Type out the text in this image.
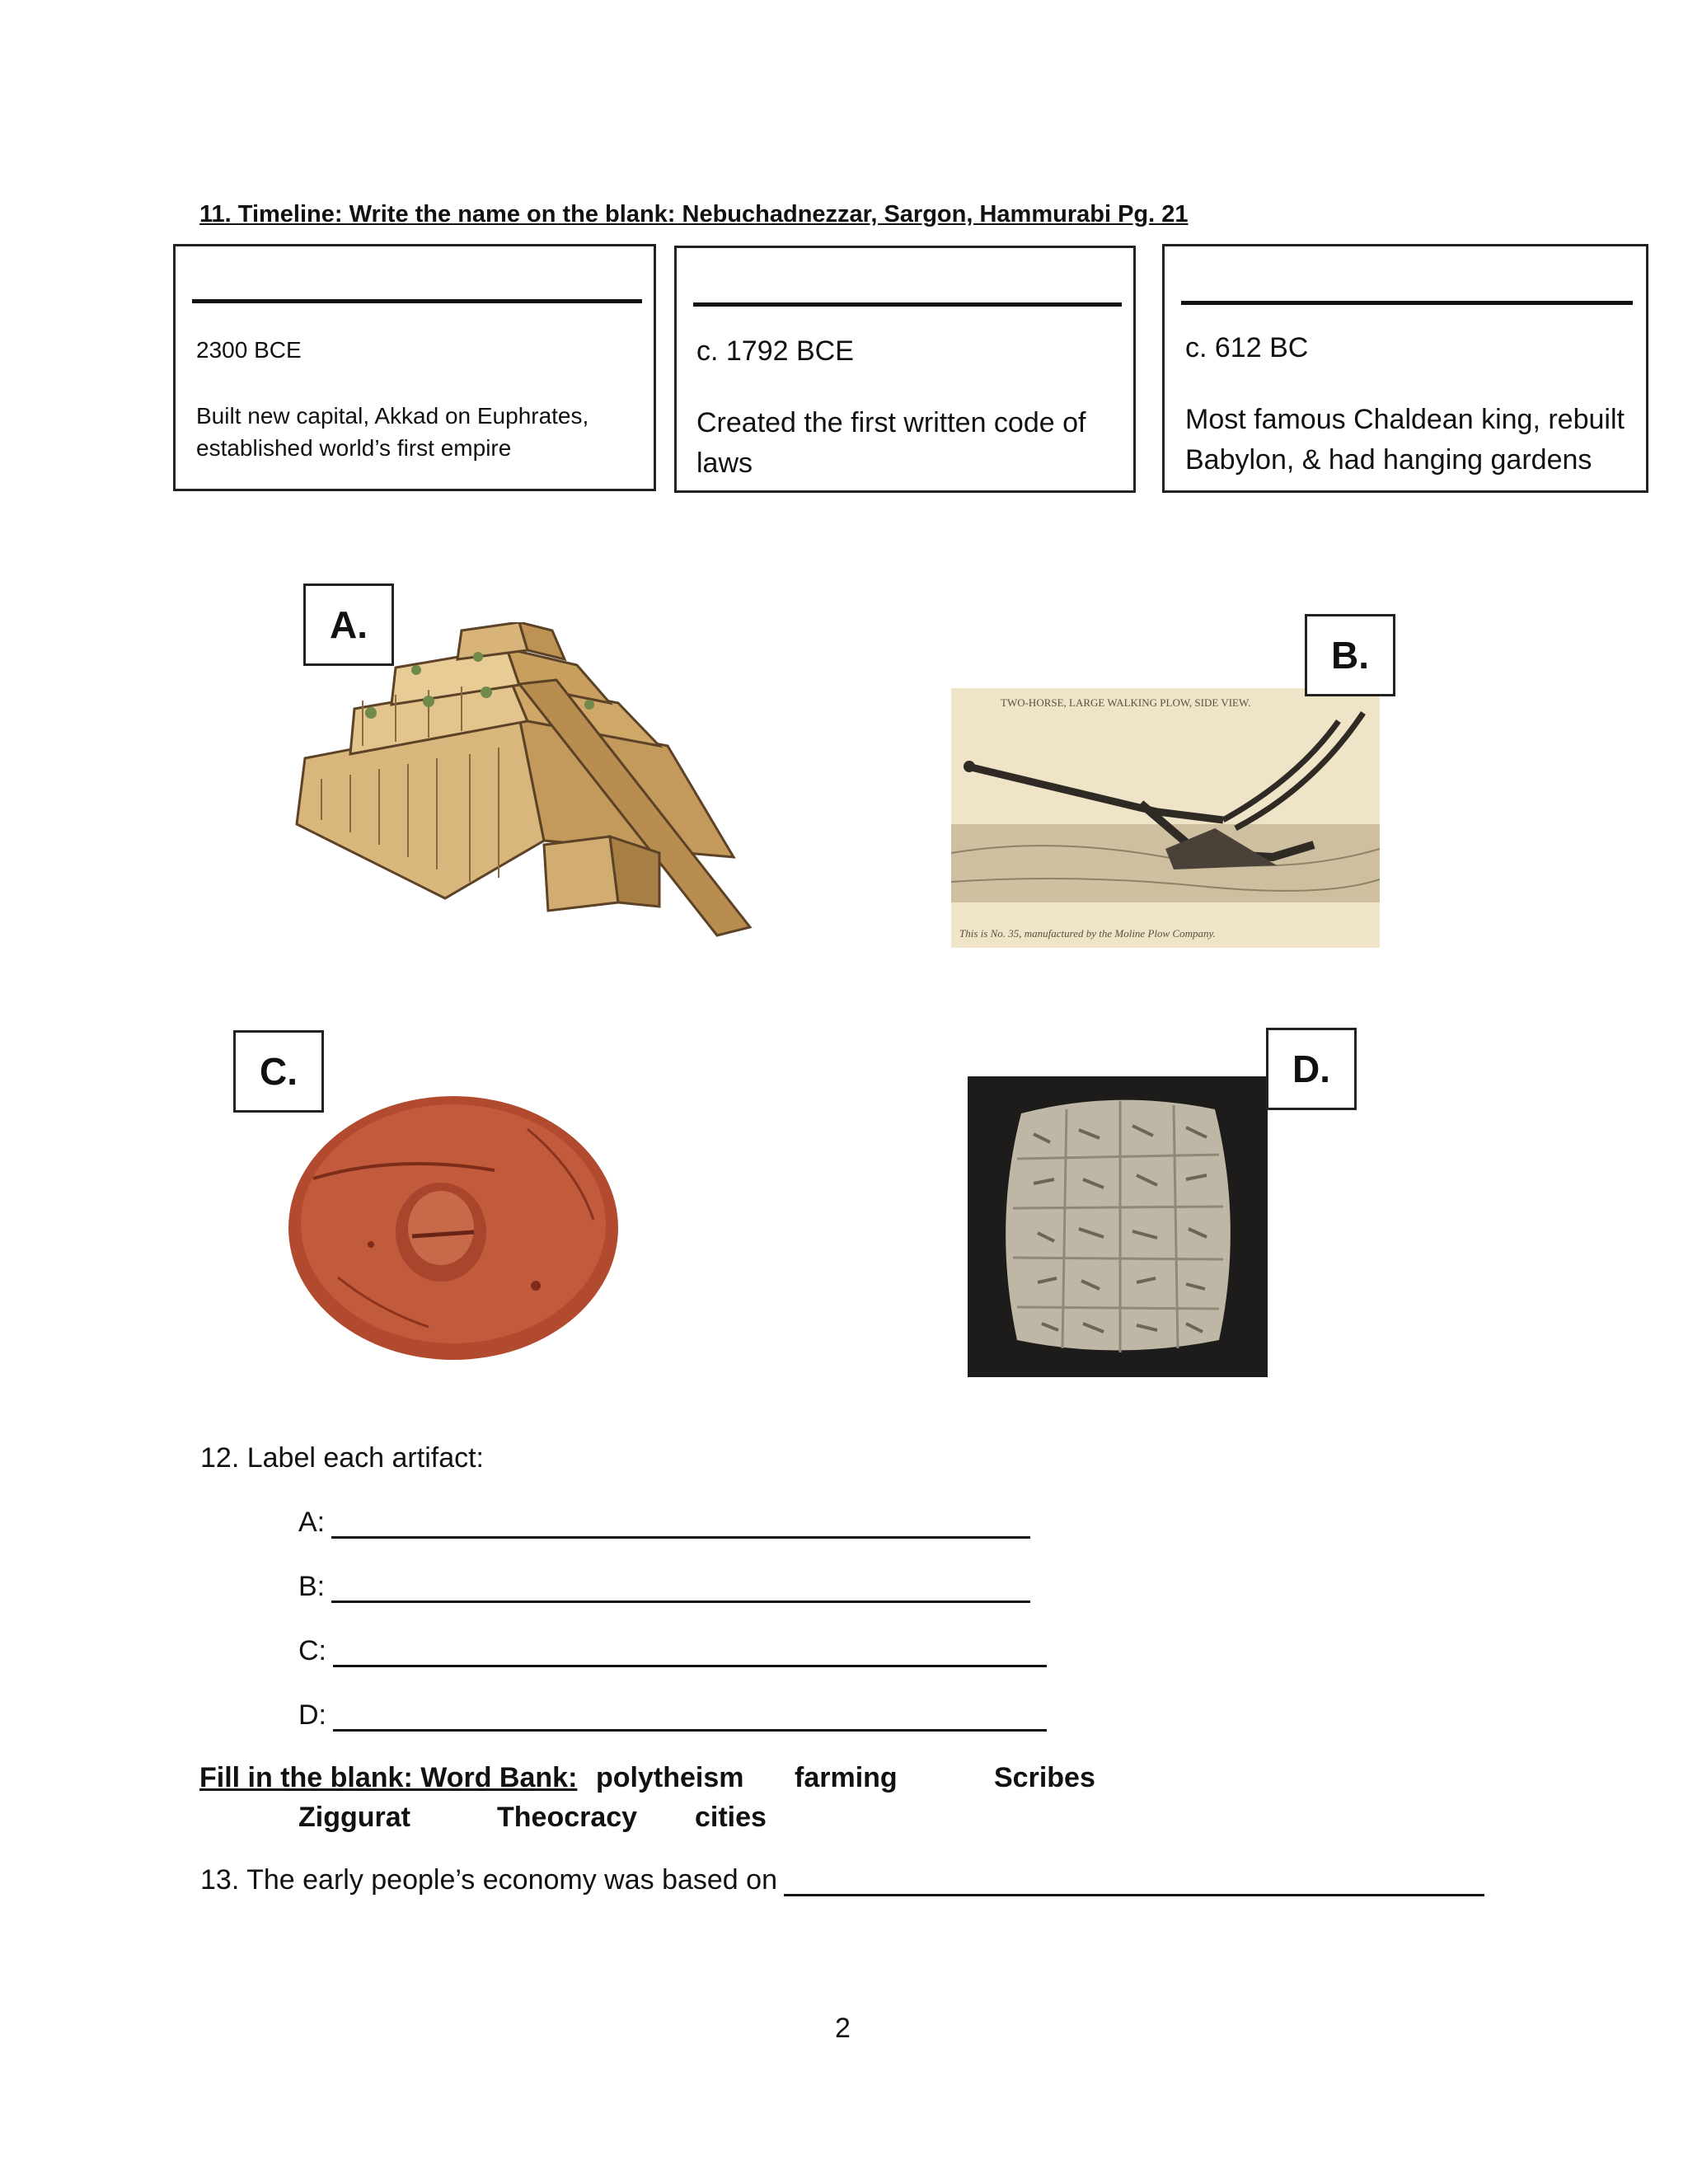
11. Timeline: Write the name on the blank: Nebuchadnezzar, Sargon, Hammurabi Pg. 21
2300 BCE
Built new capital, Akkad on Euphrates,
established world’s first empire
c. 1792 BCE
Created the first written code of
laws
c. 612 BC
Most famous Chaldean king, rebuilt
Babylon, & had hanging gardens
A.
TWO-HORSE, LARGE WALKING PLOW, SIDE VIEW.
This is No. 35, manufactured by the Moline Plow Company.
B.
C.	D.
12. Label each artifact:
A:
B:
C:
D:
Fill in the blank: Word Bank: polytheism farming	Scribes
Ziggurat	Theocracy cities
13. The early people’s economy was based on
2
